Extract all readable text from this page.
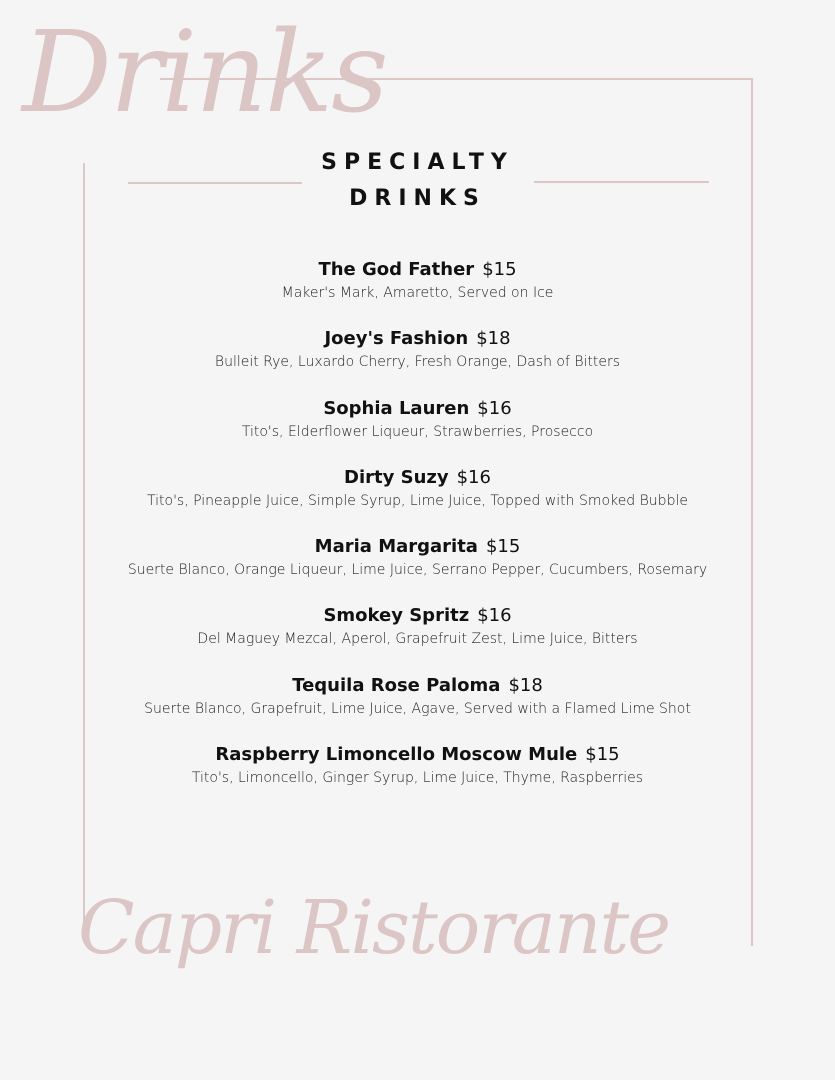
Drinks
SPECIALTY
DRINKS
The God Father $15
Maker's Mark, Amaretto, Served on Ice
Joey's Fashion $18
Bulleit Rye, Luxardo Cherry, Fresh Orange, Dash of Bitters
Sophia Lauren $16
Tito's, Elderflower Liqueur, Strawberries, Prosecco
Dirty Suzy $16
Tito's, Pineapple Juice, Simple Syrup, Lime Juice, Topped with Smoked Bubble
Maria Margarita $15
Suerte Blanco, Orange Liqueur, Lime Juice, Serrano Pepper, Cucumbers, Rosemary
Smokey Spritz $16
Del Maguey Mezcal, Aperol, Grapefruit Zest, Lime Juice, Bitters
Tequila Rose Paloma $18
Suerte Blanco, Grapefruit, Lime Juice, Agave, Served with a Flamed Lime Shot
Raspberry Limoncello Moscow Mule $15
Tito's, Limoncello, Ginger Syrup, Lime Juice, Thyme, Raspberries
Capri Ristorante
